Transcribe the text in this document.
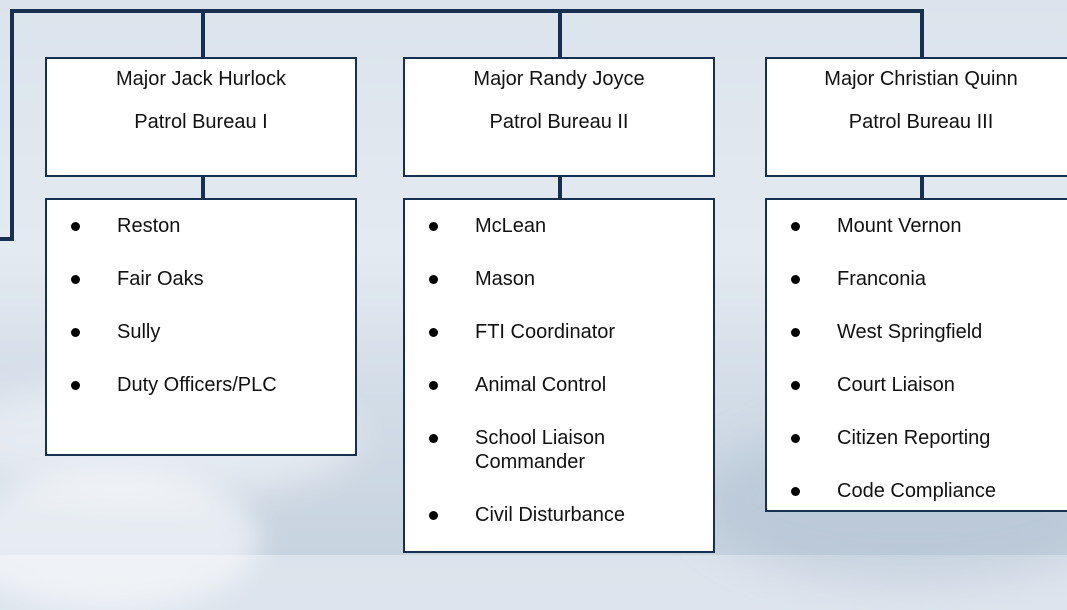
Major Jack Hurlock
Patrol Bureau I
Reston
Fair Oaks
Sully
Duty Officers/PLC
Major Randy Joyce
Patrol Bureau II
McLean
Mason
FTI Coordinator
Animal Control
School Liaison Commander
Civil Disturbance
Major Christian Quinn
Patrol Bureau III
Mount Vernon
Franconia
West Springfield
Court Liaison
Citizen Reporting
Code Compliance
